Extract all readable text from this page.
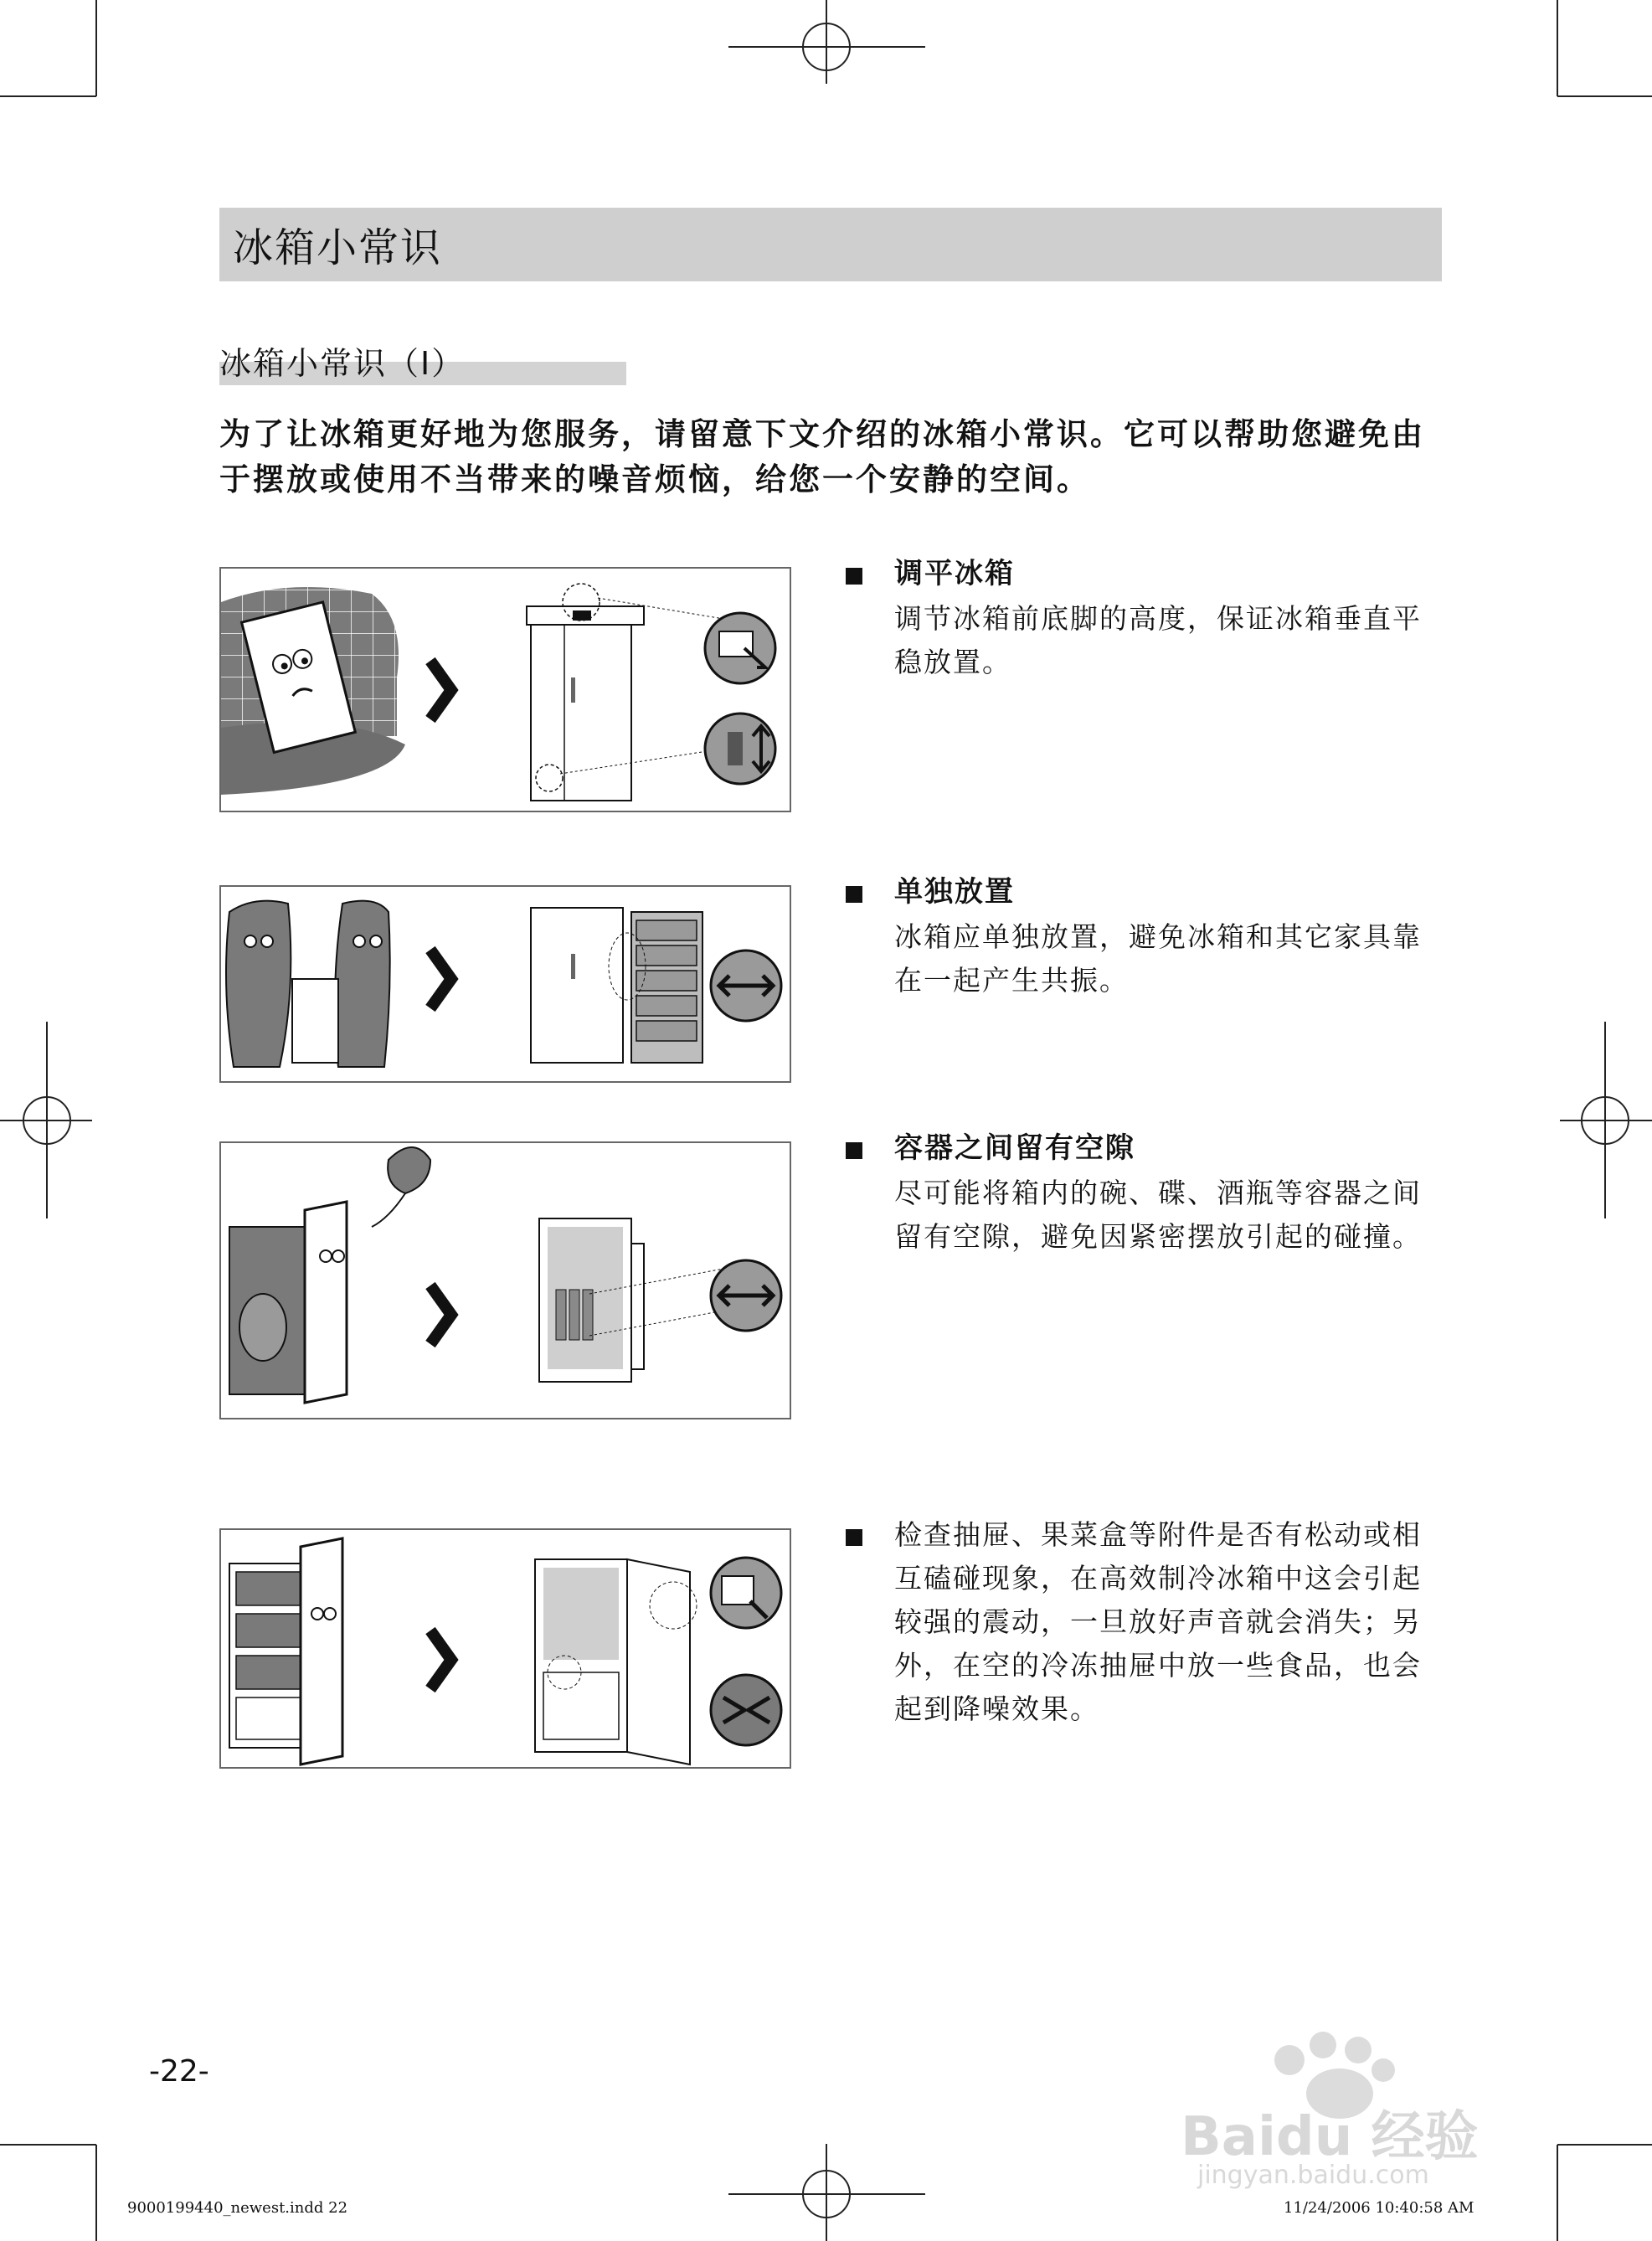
冰箱小常识
冰箱小常识（I）
为了让冰箱更好地为您服务，请留意下文介绍的冰箱小常识。它可以帮助您避免由于摆放或使用不当带来的噪音烦恼，给您一个安静的空间。
调平冰箱
调节冰箱前底脚的高度，保证冰箱垂直平稳放置。
单独放置
冰箱应单独放置，避免冰箱和其它家具靠在一起产生共振。
容器之间留有空隙
尽可能将箱内的碗、碟、酒瓶等容器之间留有空隙，避免因紧密摆放引起的碰撞。
检查抽屉、果菜盒等附件是否有松动或相互磕碰现象，在高效制冷冰箱中这会引起较强的震动，一旦放好声音就会消失；另外，在空的冷冻抽屉中放一些食品，也会起到降噪效果。
-22-
Baidu 经验
jingyan.baidu.com
9000199440_newest.indd 22	11/24/2006 10:40:58 AM
